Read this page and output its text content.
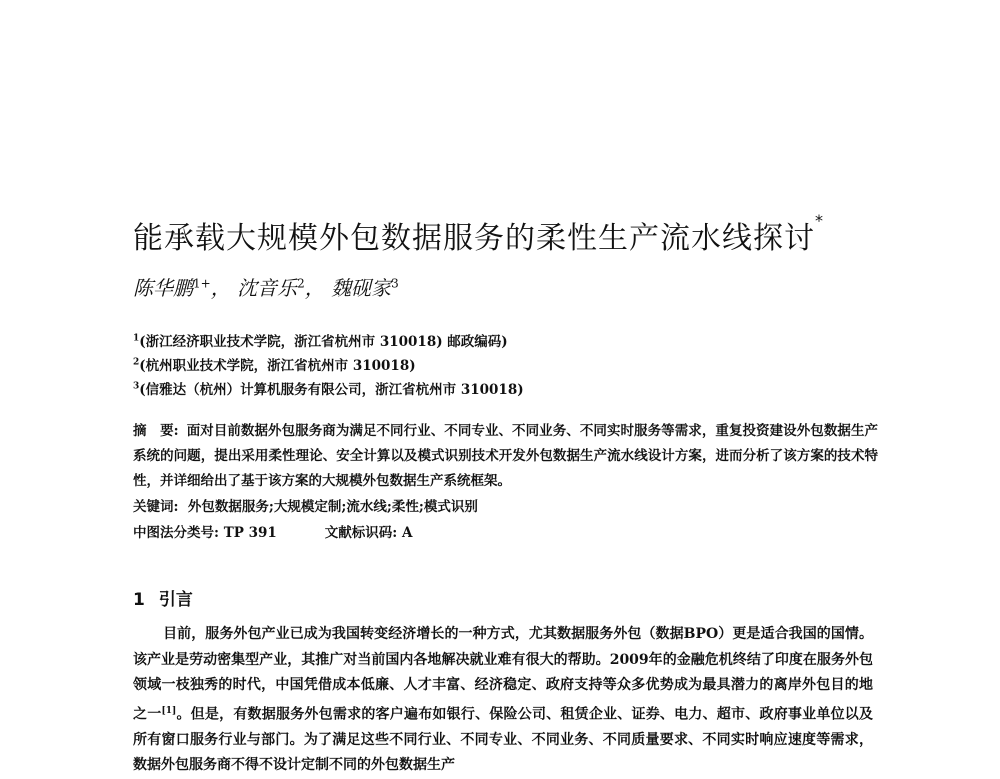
能承载大规模外包数据服务的柔性生产流水线探讨*
陈华鹏$^{1+}$， 沈音乐$^2$， 魏砚家$^3$
$^1$(浙江经济职业技术学院，浙江省杭州市 310018) 邮政编码)
$^2$(杭州职业技术学院，浙江省杭州市 310018)
$^3$(信雅达（杭州）计算机服务有限公司，浙江省杭州市 310018)
摘　要: 面对目前数据外包服务商为满足不同行业、不同专业、不同业务、不同实时服务等需求，重复投资建设外包数据生产系统的问题，提出采用柔性理论、安全计算以及模式识别技术开发外包数据生产流水线设计方案，进而分析了该方案的技术特性，并详细给出了基于该方案的大规模外包数据生产系统框架。
关键词: 外包数据服务;大规模定制;流水线;柔性;模式识别
中图法分类号: TP 391	文献标识码: A
1 引言
目前，服务外包产业已成为我国转变经济增长的一种方式，尤其数据服务外包（数据BPO）更是适合我国的国情。该产业是劳动密集型产业，其推广对当前国内各地解决就业难有很大的帮助。2009年的金融危机终结了印度在服务外包领域一枝独秀的时代，中国凭借成本低廉、人才丰富、经济稳定、政府支持等众多优势成为最具潜力的离岸外包目的地之一[1]。但是，有数据服务外包需求的客户遍布如银行、保险公司、租赁企业、证券、电力、超市、政府事业单位以及所有窗口服务行业与部门。为了满足这些不同行业、不同专业、不同业务、不同质量要求、不同实时响应速度等需求，数据外包服务商不得不设计定制不同的外包数据生产
